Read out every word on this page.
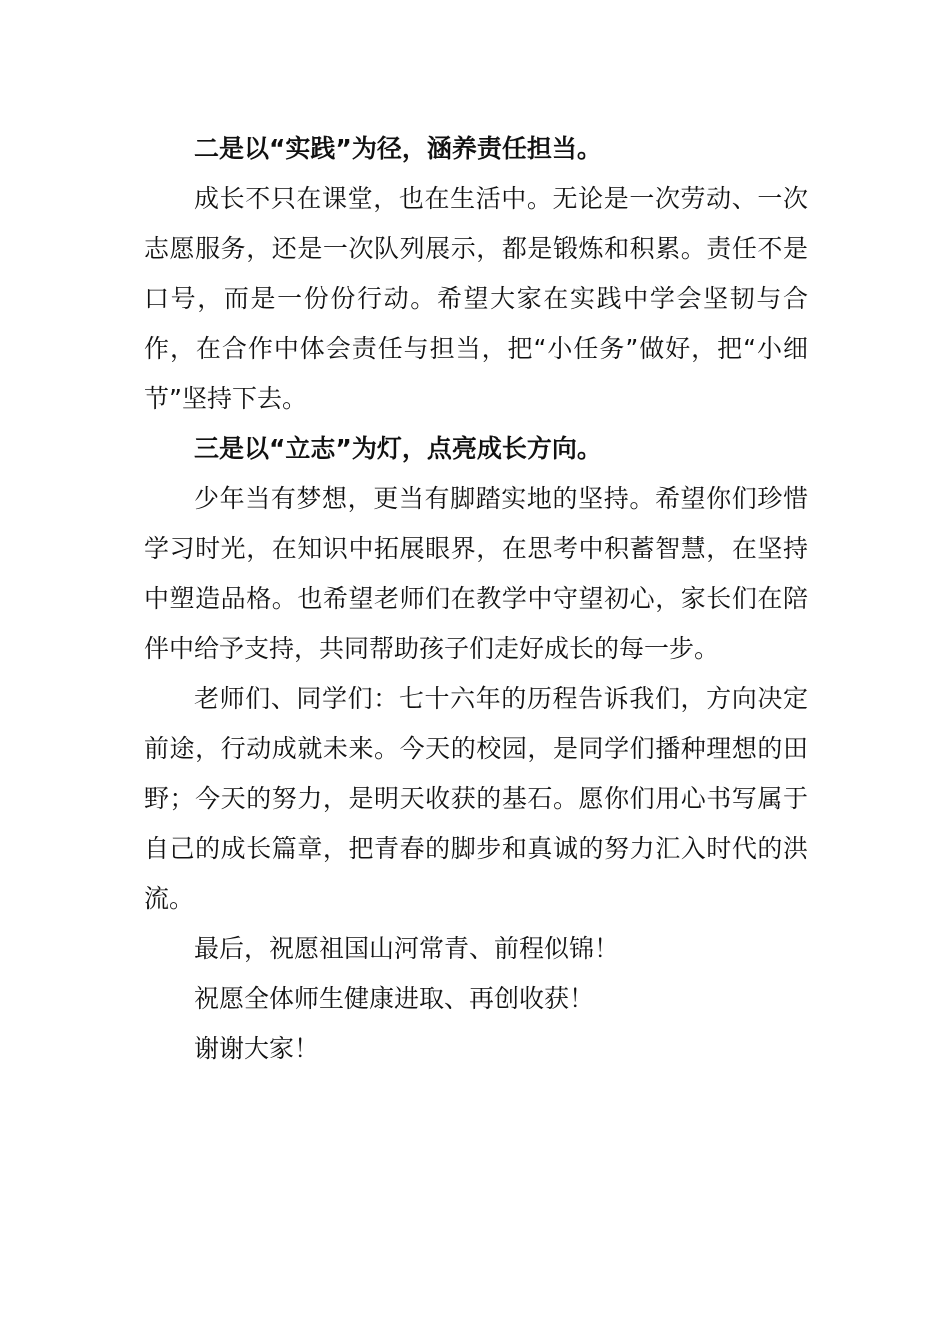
二是以“实践”为径，涵养责任担当。

成长不只在课堂，也在生活中。无论是一次劳动、一次志愿服务，还是一次队列展示，都是锻炼和积累。责任不是口号，而是一份份行动。希望大家在实践中学会坚韧与合作，在合作中体会责任与担当，把“小任务”做好，把“小细节”坚持下去。

三是以“立志”为灯，点亮成长方向。

少年当有梦想，更当有脚踏实地的坚持。希望你们珍惜学习时光，在知识中拓展眼界，在思考中积蓄智慧，在坚持中塑造品格。也希望老师们在教学中守望初心，家长们在陪伴中给予支持，共同帮助孩子们走好成长的每一步。

老师们、同学们：七十六年的历程告诉我们，方向决定前途，行动成就未来。今天的校园，是同学们播种理想的田野；今天的努力，是明天收获的基石。愿你们用心书写属于自己的成长篇章，把青春的脚步和真诚的努力汇入时代的洪流。

最后，祝愿祖国山河常青、前程似锦！

祝愿全体师生健康进取、再创收获！

谢谢大家！
